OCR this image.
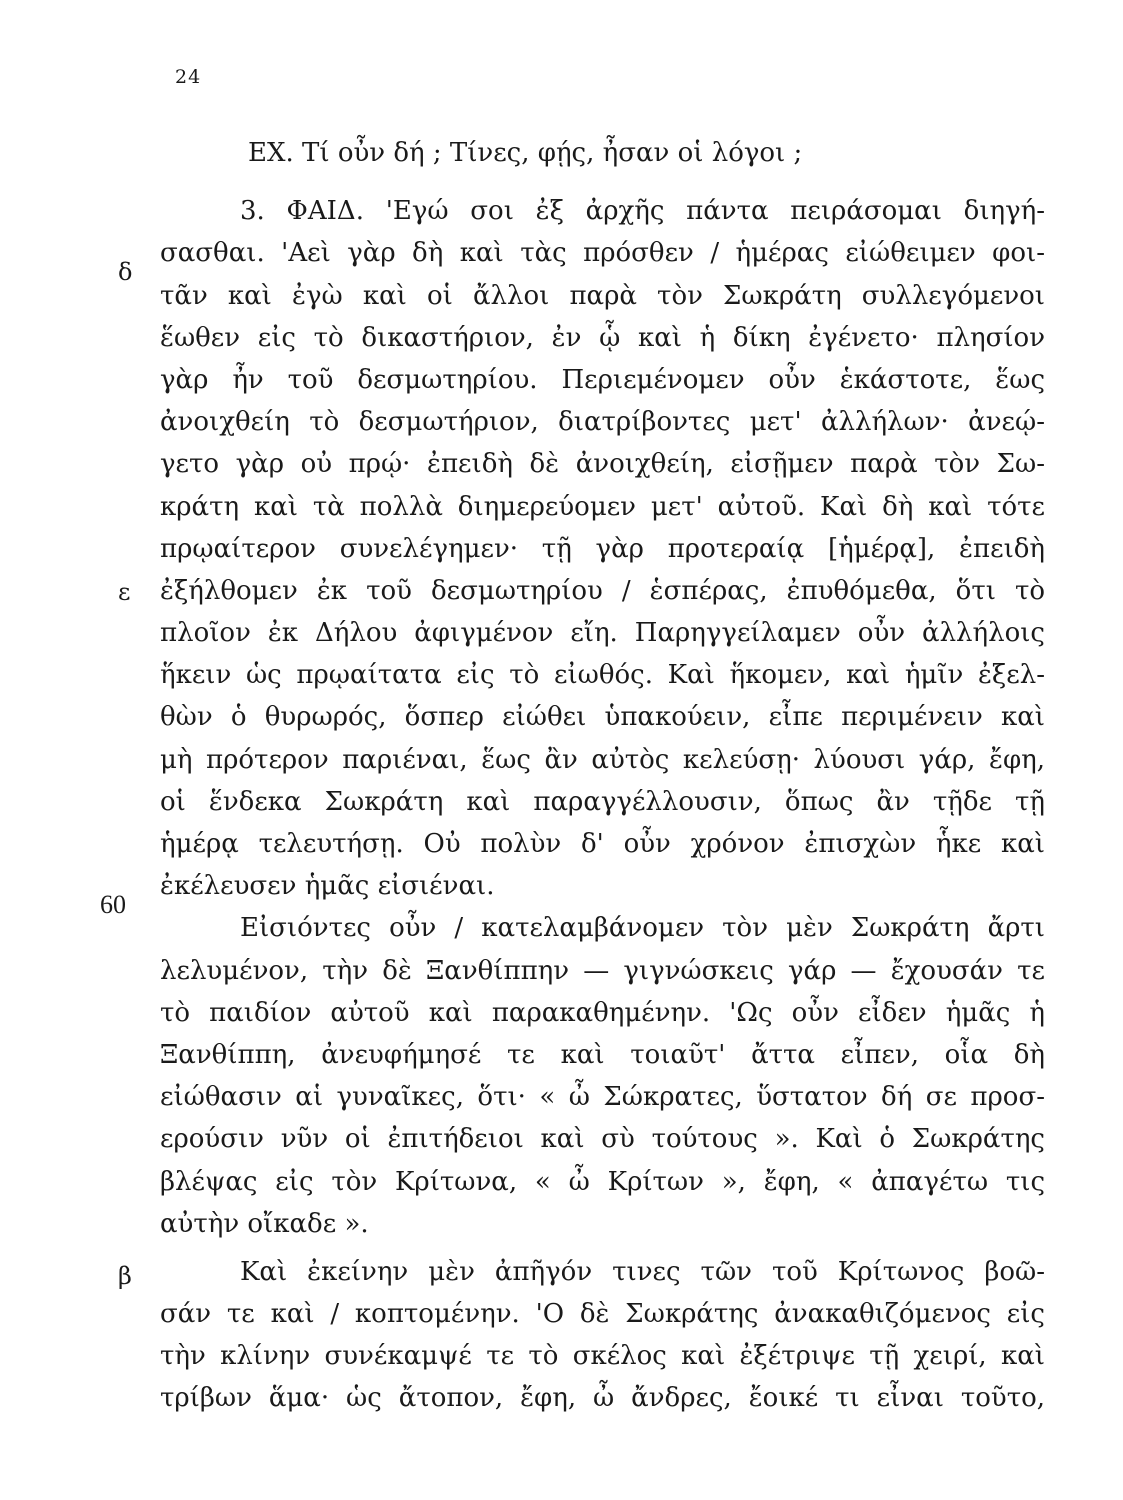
24
δ
ε
60
β
ΕΧ. Τί οὖν δή ; Τίνες, φῄς, ἦσαν οἱ λόγοι ;
3. ΦΑΙΔ. 'Εγώ σοι ἐξ ἀρχῆς πάντα πειράσομαι διηγή-
σασθαι. 'Αεὶ γὰρ δὴ καὶ τὰς πρόσθεν / ἡμέρας εἰώθειμεν φοι-
τᾶν καὶ ἐγὼ καὶ οἱ ἄλλοι παρὰ τὸν Σωκράτη συλλεγόμενοι
ἕωθεν εἰς τὸ δικαστήριον, ἐν ᾧ καὶ ἡ δίκη ἐγένετο· πλησίον
γὰρ ἦν τοῦ δεσμωτηρίου. Περιεμένομεν οὖν ἑκάστοτε, ἕως
ἀνοιχθείη τὸ δεσμωτήριον, διατρίβοντες μετ' ἀλλήλων· ἀνεῴ-
γετο γὰρ οὐ πρῴ· ἐπειδὴ δὲ ἀνοιχθείη, εἰσῇμεν παρὰ τὸν Σω-
κράτη καὶ τὰ πολλὰ διημερεύομεν μετ' αὐτοῦ. Καὶ δὴ καὶ τότε
πρῳαίτερον συνελέγημεν· τῇ γὰρ προτεραίᾳ [ἡμέρᾳ], ἐπειδὴ
ἐξήλθομεν ἐκ τοῦ δεσμωτηρίου / ἑσπέρας, ἐπυθόμεθα, ὅτι τὸ
πλοῖον ἐκ Δήλου ἀφιγμένον εἴη. Παρηγγείλαμεν οὖν ἀλλήλοις
ἥκειν ὡς πρῳαίτατα εἰς τὸ εἰωθός. Καὶ ἥκομεν, καὶ ἡμῖν ἐξελ-
θὼν ὁ θυρωρός, ὅσπερ εἰώθει ὑπακούειν, εἶπε περιμένειν καὶ
μὴ πρότερον παριέναι, ἕως ἂν αὐτὸς κελεύσῃ· λύουσι γάρ, ἔφη,
οἱ ἕνδεκα Σωκράτη καὶ παραγγέλλουσιν, ὅπως ἂν τῇδε τῇ
ἡμέρᾳ τελευτήσῃ. Οὐ πολὺν δ' οὖν χρόνον ἐπισχὼν ἧκε καὶ
ἐκέλευσεν ἡμᾶς εἰσιέναι.
Εἰσιόντες οὖν / κατελαμβάνομεν τὸν μὲν Σωκράτη ἄρτι
λελυμένον, τὴν δὲ Ξανθίππην — γιγνώσκεις γάρ — ἔχουσάν τε
τὸ παιδίον αὐτοῦ καὶ παρακαθημένην. 'Ως οὖν εἶδεν ἡμᾶς ἡ
Ξανθίππη, ἀνευφήμησέ τε καὶ τοιαῦτ' ἄττα εἶπεν, οἷα δὴ
εἰώθασιν αἱ γυναῖκες, ὅτι· « ὦ Σώκρατες, ὕστατον δή σε προσ-
ερούσιν νῦν οἱ ἐπιτήδειοι καὶ σὺ τούτους ». Καὶ ὁ Σωκράτης
βλέψας εἰς τὸν Κρίτωνα, « ὦ Κρίτων », ἔφη, « ἀπαγέτω τις
αὐτὴν οἴκαδε ».
Καὶ ἐκείνην μὲν ἀπῆγόν τινες τῶν τοῦ Κρίτωνος βοῶ-
σάν τε καὶ / κοπτομένην. 'Ο δὲ Σωκράτης ἀνακαθιζόμενος εἰς
τὴν κλίνην συνέκαμψέ τε τὸ σκέλος καὶ ἐξέτριψε τῇ χειρί, καὶ
τρίβων ἅμα· ὡς ἄτοπον, ἔφη, ὦ ἄνδρες, ἔοικέ τι εἶναι τοῦτο,
